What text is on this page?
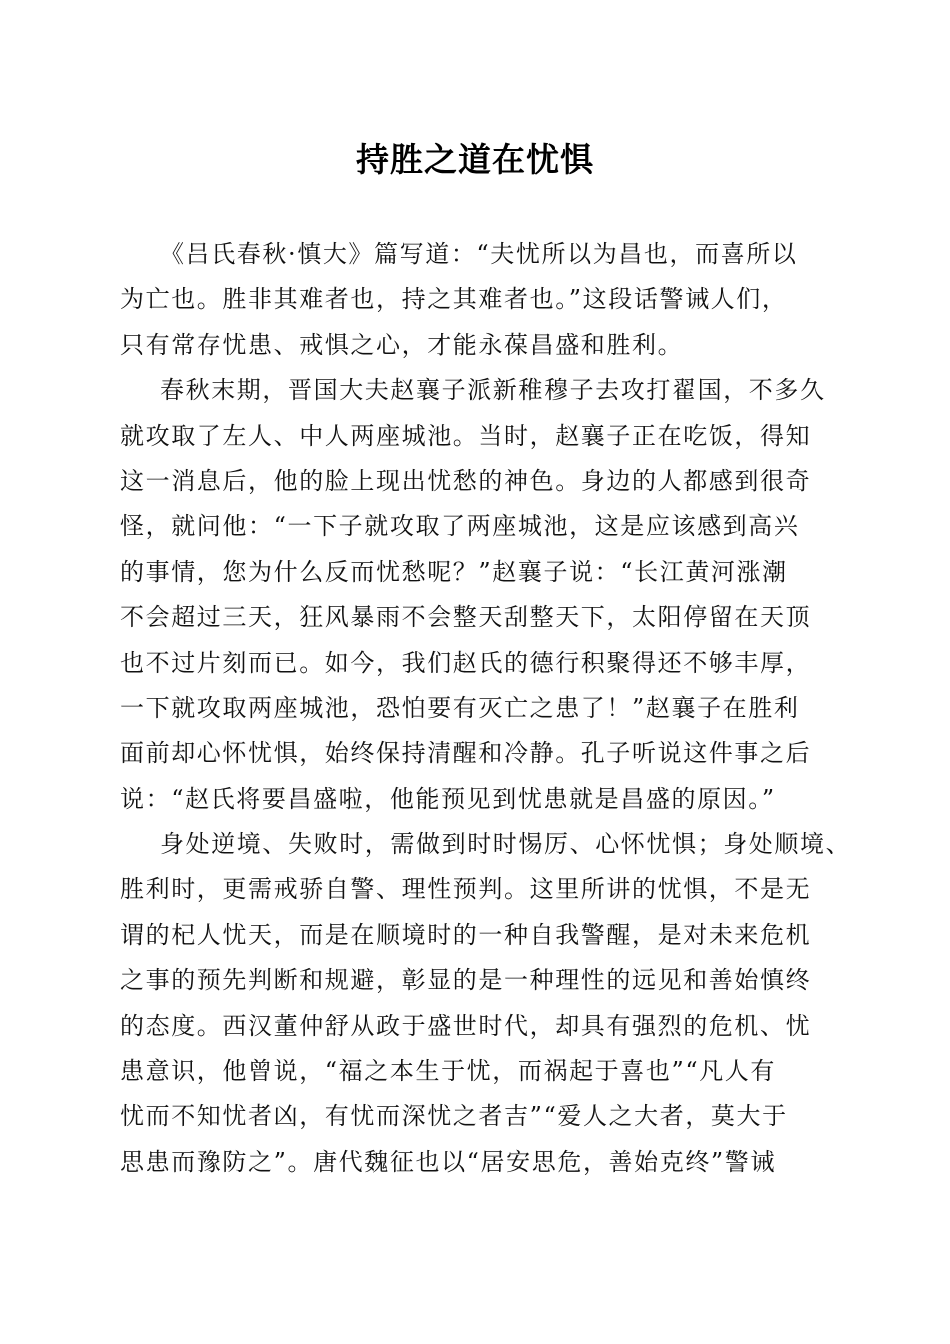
持胜之道在忧惧
《吕氏春秋·慎大》篇写道：“夫忧所以为昌也，而喜所以
为亡也。胜非其难者也，持之其难者也。”这段话警诫人们，
只有常存忧患、戒惧之心，才能永葆昌盛和胜利。
春秋末期，晋国大夫赵襄子派新稚穆子去攻打翟国，不多久
就攻取了左人、中人两座城池。当时，赵襄子正在吃饭，得知
这一消息后，他的脸上现出忧愁的神色。身边的人都感到很奇
怪，就问他：“一下子就攻取了两座城池，这是应该感到高兴
的事情，您为什么反而忧愁呢？”赵襄子说：“长江黄河涨潮
不会超过三天，狂风暴雨不会整天刮整天下，太阳停留在天顶
也不过片刻而已。如今，我们赵氏的德行积聚得还不够丰厚，
一下就攻取两座城池，恐怕要有灭亡之患了！”赵襄子在胜利
面前却心怀忧惧，始终保持清醒和冷静。孔子听说这件事之后
说：“赵氏将要昌盛啦，他能预见到忧患就是昌盛的原因。”
身处逆境、失败时，需做到时时惕厉、心怀忧惧；身处顺境、
胜利时，更需戒骄自警、理性预判。这里所讲的忧惧，不是无
谓的杞人忧天，而是在顺境时的一种自我警醒，是对未来危机
之事的预先判断和规避，彰显的是一种理性的远见和善始慎终
的态度。西汉董仲舒从政于盛世时代，却具有强烈的危机、忧
患意识，他曾说，“福之本生于忧，而祸起于喜也”“凡人有
忧而不知忧者凶，有忧而深忧之者吉”“爱人之大者，莫大于
思患而豫防之”。唐代魏征也以“居安思危，善始克终”警诫
